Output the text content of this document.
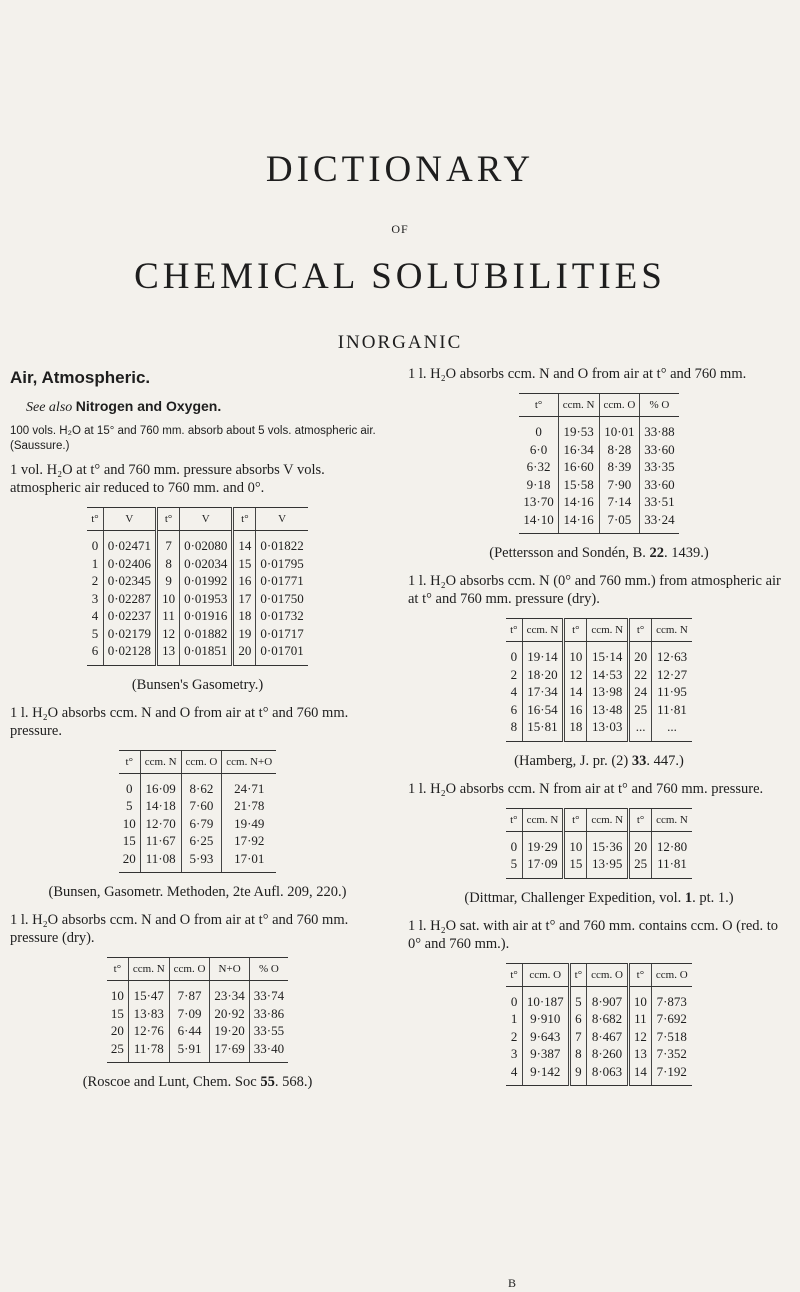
DICTIONARY
OF
CHEMICAL SOLUBILITIES
INORGANIC
Air, Atmospheric.
See also Nitrogen and Oxygen.

100 vols. H₂O at 15° and 760 mm. absorb about 5 vols. atmospheric air. (Saussure.)

1 vol. H₂O at t° and 760 mm. pressure absorbs V vols. atmospheric air reduced to 760 mm. and 0°.

t°	V	t°	V	t°	V
0	0·02471	7	0·02080	14	0·01822
1	0·02406	8	0·02034	15	0·01795
2	0·02345	9	0·01992	16	0·01771
3	0·02287	10	0·01953	17	0·01750
4	0·02237	11	0·01916	18	0·01732
5	0·02179	12	0·01882	19	0·01717
6	0·02128	13	0·01851	20	0·01701
(Bunsen's Gasometry.)

1 l. H₂O absorbs ccm. N and O from air at t° and 760 mm. pressure.

t°	ccm. N	ccm. O	ccm. N+O
0	16·09	8·62	24·71
5	14·18	7·60	21·78
10	12·70	6·79	19·49
15	11·67	6·25	17·92
20	11·08	5·93	17·01
(Bunsen, Gasometr. Methoden, 2te Aufl. 209, 220.)

1 l. H₂O absorbs ccm. N and O from air at t° and 760 mm. pressure (dry).

t°	ccm. N	ccm. O	N+O	% O
10	15·47	7·87	23·34	33·74
15	13·83	7·09	20·92	33·86
20	12·76	6·44	19·20	33·55
25	11·78	5·91	17·69	33·40
(Roscoe and Lunt, Chem. Soc 55. 568.)

1 l. H₂O absorbs ccm. N and O from air at t° and 760 mm.

t°	ccm. N	ccm. O	% O
0	19·53	10·01	33·88
6·0	16·34	8·28	33·60
6·32	16·60	8·39	33·35
9·18	15·58	7·90	33·60
13·70	14·16	7·14	33·51
14·10	14·16	7·05	33·24
(Pettersson and Sondén, B. 22. 1439.)

1 l. H₂O absorbs ccm. N (0° and 760 mm.) from atmospheric air at t° and 760 mm. pressure (dry).

t°	ccm. N	t°	ccm. N	t°	ccm. N
0	19·14	10	15·14	20	12·63
2	18·20	12	14·53	22	12·27
4	17·34	14	13·98	24	11·95
6	16·54	16	13·48	25	11·81
8	15·81	18	13·03	...	...
(Hamberg, J. pr. (2) 33. 447.)

1 l. H₂O absorbs ccm. N from air at t° and 760 mm. pressure.

t°	ccm. N	t°	ccm. N	t°	ccm. N
0	19·29	10	15·36	20	12·80
5	17·09	15	13·95	25	11·81
(Dittmar, Challenger Expedition, vol. 1. pt. 1.)

1 l. H₂O sat. with air at t° and 760 mm. contains ccm. O (red. to 0° and 760 mm.).

t°	ccm. O	t°	ccm. O	t°	ccm. O
0	10·187	5	8·907	10	7·873
1	9·910	6	8·682	11	7·692
2	9·643	7	8·467	12	7·518
3	9·387	8	8·260	13	7·352
4	9·142	9	8·063	14	7·192
B
